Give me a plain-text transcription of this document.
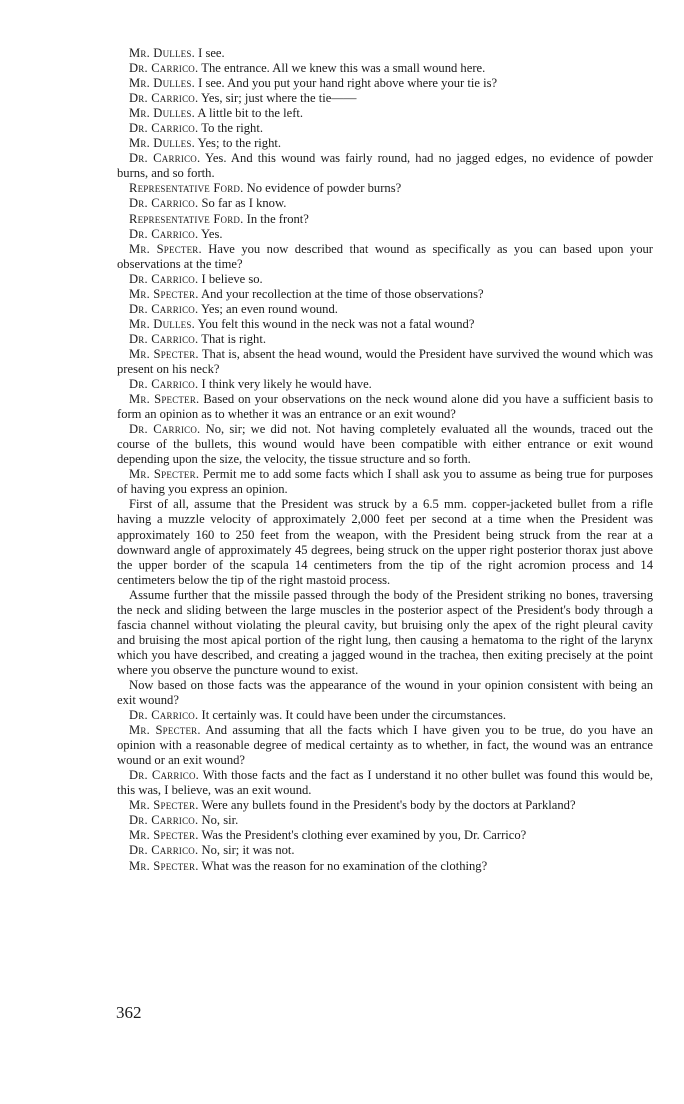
Mr. Dulles. I see.

Dr. Carrico. The entrance. All we knew this was a small wound here.

Mr. Dulles. I see. And you put your hand right above where your tie is?

Dr. Carrico. Yes, sir; just where the tie——

Mr. Dulles. A little bit to the left.

Dr. Carrico. To the right.

Mr. Dulles. Yes; to the right.

Dr. Carrico. Yes. And this wound was fairly round, had no jagged edges, no evidence of powder burns, and so forth.

Representative Ford. No evidence of powder burns?

Dr. Carrico. So far as I know.

Representative Ford. In the front?

Dr. Carrico. Yes.

Mr. Specter. Have you now described that wound as specifically as you can based upon your observations at the time?

Dr. Carrico. I believe so.

Mr. Specter. And your recollection at the time of those observations?

Dr. Carrico. Yes; an even round wound.

Mr. Dulles. You felt this wound in the neck was not a fatal wound?

Dr. Carrico. That is right.

Mr. Specter. That is, absent the head wound, would the President have survived the wound which was present on his neck?

Dr. Carrico. I think very likely he would have.

Mr. Specter. Based on your observations on the neck wound alone did you have a sufficient basis to form an opinion as to whether it was an entrance or an exit wound?

Dr. Carrico. No, sir; we did not. Not having completely evaluated all the wounds, traced out the course of the bullets, this wound would have been compatible with either entrance or exit wound depending upon the size, the velocity, the tissue structure and so forth.

Mr. Specter. Permit me to add some facts which I shall ask you to assume as being true for purposes of having you express an opinion.

First of all, assume that the President was struck by a 6.5 mm. copper-jacketed bullet from a rifle having a muzzle velocity of approximately 2,000 feet per second at a time when the President was approximately 160 to 250 feet from the weapon, with the President being struck from the rear at a downward angle of approximately 45 degrees, being struck on the upper right posterior thorax just above the upper border of the scapula 14 centimeters from the tip of the right acromion process and 14 centimeters below the tip of the right mastoid process.

Assume further that the missile passed through the body of the President striking no bones, traversing the neck and sliding between the large muscles in the posterior aspect of the President's body through a fascia channel without violating the pleural cavity, but bruising only the apex of the right pleural cavity and bruising the most apical portion of the right lung, then causing a hematoma to the right of the larynx which you have described, and creating a jagged wound in the trachea, then exiting precisely at the point where you observe the puncture wound to exist.

Now based on those facts was the appearance of the wound in your opinion consistent with being an exit wound?

Dr. Carrico. It certainly was. It could have been under the circumstances.

Mr. Specter. And assuming that all the facts which I have given you to be true, do you have an opinion with a reasonable degree of medical certainty as to whether, in fact, the wound was an entrance wound or an exit wound?

Dr. Carrico. With those facts and the fact as I understand it no other bullet was found this would be, this was, I believe, was an exit wound.

Mr. Specter. Were any bullets found in the President's body by the doctors at Parkland?

Dr. Carrico. No, sir.

Mr. Specter. Was the President's clothing ever examined by you, Dr. Carrico?

Dr. Carrico. No, sir; it was not.

Mr. Specter. What was the reason for no examination of the clothing?

362
